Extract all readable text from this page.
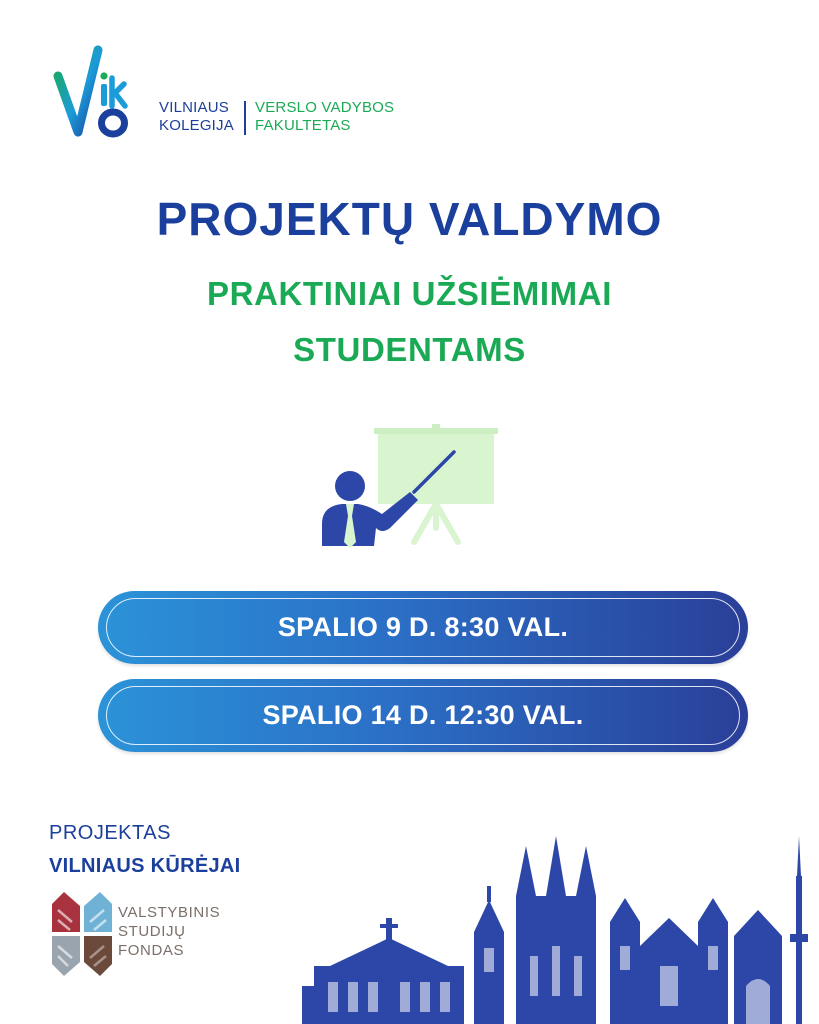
VILNIAUS
KOLEGIJA
VERSLO VADYBOS
FAKULTETAS
PROJEKTŲ VALDYMO
PRAKTINIAI UŽSIĖMIMAI
STUDENTAMS
SPALIO 9 D. 8:30 VAL.
SPALIO 14 D. 12:30 VAL.
PROJEKTAS
VILNIAUS KŪRĖJAI
VALSTYBINIS
STUDIJŲ
FONDAS
